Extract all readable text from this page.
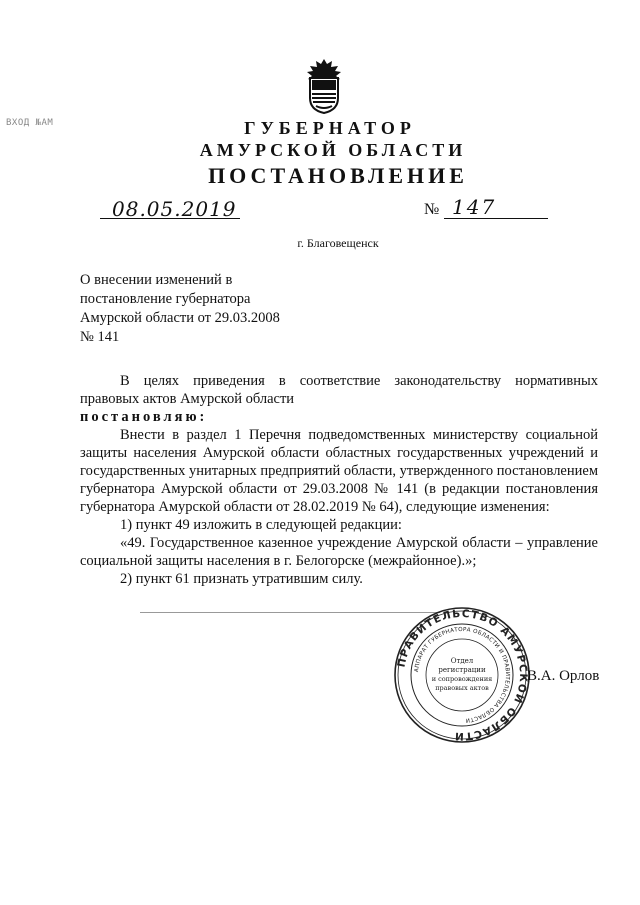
ВХОД №АМ	ГУБЕРНАТОР
АМУРСКОЙ ОБЛАСТИ
ПОСТАНОВЛЕНИЕ
08.05.2019	№ 147
г. Благовещенск
О внесении изменений в
постановление губернатора
Амурской области от 29.03.2008
№ 141

В целях приведения в соответствие законодательству нормативных правовых актов Амурской области

постановляю:

Внести в раздел 1 Перечня подведомственных министерству социальной защиты населения Амурской области областных государственных учреждений и государственных унитарных предприятий области, утвержденного постановлением губернатора Амурской области от 29.03.2008 № 141 (в редакции постановления губернатора Амурской области от 28.02.2019 № 64), следующие изменения:

1) пункт 49 изложить в следующей редакции:

«49. Государственное казенное учреждение Амурской области – управление социальной защиты населения в г. Белогорске (межрайонное).»;

2) пункт 61 признать утратившим силу.

ПРАВИТЕЛЬСТВО АМУРСКОЙ ОБЛАСТИ
АППАРАТ ГУБЕРНАТОРА ОБЛАСТИ И ПРАВИТЕЛЬСТВА ОБЛАСТИ
Отдел
регистрации
и сопровождения
правовых актов
В.А. Орлов
